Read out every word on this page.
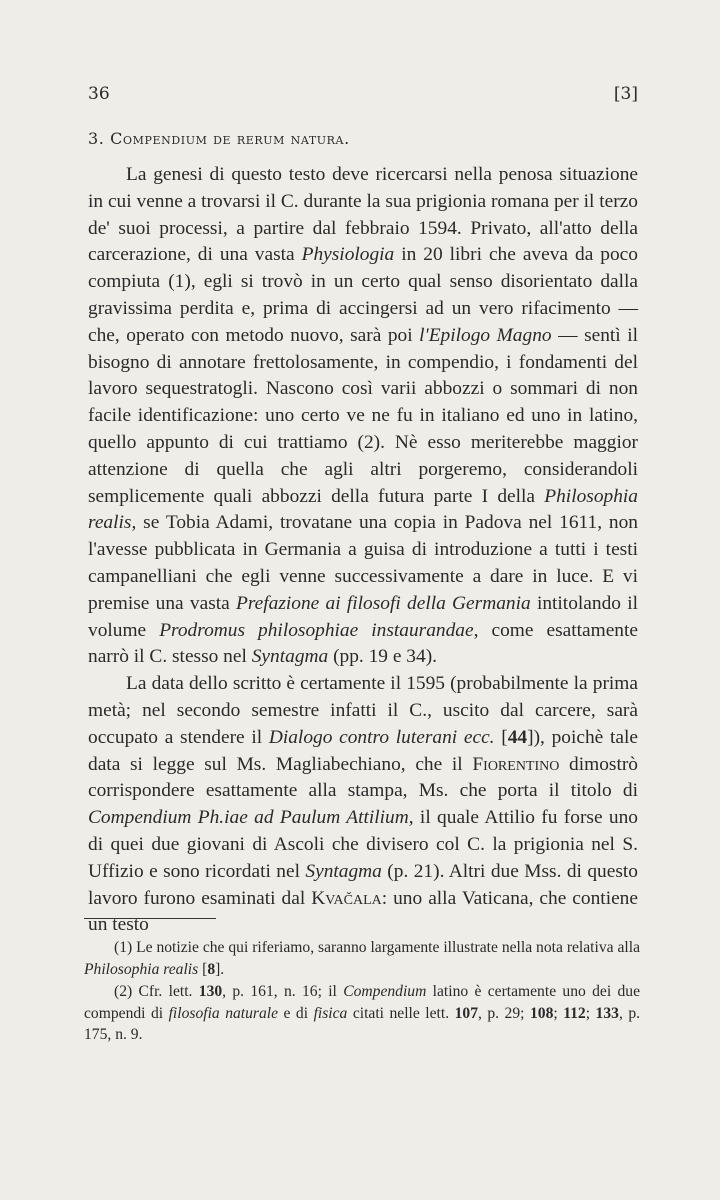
36	[3]
3. Compendium de rerum natura.

La genesi di questo testo deve ricercarsi nella penosa situazione in cui venne a trovarsi il C. durante la sua prigionia romana per il terzo de' suoi processi, a partire dal febbraio 1594. Privato, all'atto della carcerazione, di una vasta Physiologia in 20 libri che aveva da poco compiuta (1), egli si trovò in un certo qual senso disorientato dalla gravissima perdita e, prima di accingersi ad un vero rifacimento — che, operato con metodo nuovo, sarà poi l'Epilogo Magno — sentì il bisogno di annotare frettolosamente, in compendio, i fondamenti del lavoro sequestratogli. Nascono così varii abbozzi o sommari di non facile identificazione: uno certo ve ne fu in italiano ed uno in latino, quello appunto di cui trattiamo (2). Nè esso meriterebbe maggior attenzione di quella che agli altri porgeremo, considerandoli semplicemente quali abbozzi della futura parte I della Philosophia realis, se Tobia Adami, trovatane una copia in Padova nel 1611, non l'avesse pubblicata in Germania a guisa di introduzione a tutti i testi campanelliani che egli venne successivamente a dare in luce. E vi premise una vasta Prefazione ai filosofi della Germania intitolando il volume Prodromus philosophiae instaurandae, come esattamente narrò il C. stesso nel Syntagma (pp. 19 e 34).

La data dello scritto è certamente il 1595 (probabilmente la prima metà; nel secondo semestre infatti il C., uscito dal carcere, sarà occupato a stendere il Dialogo contro luterani ecc. [44]), poichè tale data si legge sul Ms. Magliabechiano, che il Fiorentino dimostrò corrispondere esattamente alla stampa, Ms. che porta il titolo di Compendium Ph.iae ad Paulum Attilium, il quale Attilio fu forse uno di quei due giovani di Ascoli che divisero col C. la prigionia nel S. Uffizio e sono ricordati nel Syntagma (p. 21). Altri due Mss. di questo lavoro furono esaminati dal Kvačala: uno alla Vaticana, che contiene un testo

(1) Le notizie che qui riferiamo, saranno largamente illustrate nella nota relativa alla Philosophia realis [8].

(2) Cfr. lett. 130, p. 161, n. 16; il Compendium latino è certamente uno dei due compendi di filosofia naturale e di fisica citati nelle lett. 107, p. 29; 108; 112; 133, p. 175, n. 9.
